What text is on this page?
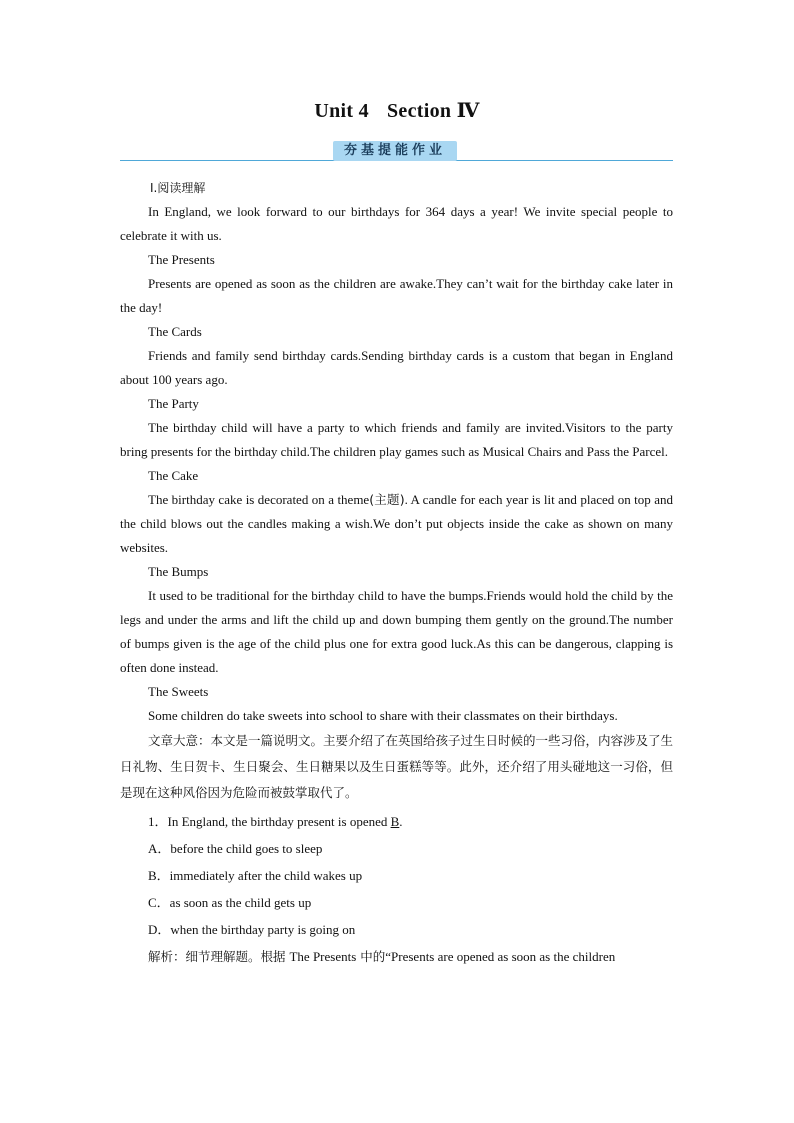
Unit 4 Section Ⅳ
夯基提能作业

Ⅰ.阅读理解

In England, we look forward to our birthdays for 364 days a year! We invite special people to celebrate it with us.

The Presents

Presents are opened as soon as the children are awake.They can’t wait for the birthday cake later in the day!

The Cards

Friends and family send birthday cards.Sending birthday cards is a custom that began in England about 100 years ago.

The Party

The birthday child will have a party to which friends and family are invited.Visitors to the party bring presents for the birthday child.The children play games such as Musical Chairs and Pass the Parcel.

The Cake

The birthday cake is decorated on a theme(主题). A candle for each year is lit and placed on top and the child blows out the candles making a wish.We don’t put objects inside the cake as shown on many websites.

The Bumps

It used to be traditional for the birthday child to have the bumps.Friends would hold the child by the legs and under the arms and lift the child up and down bumping them gently on the ground.The number of bumps given is the age of the child plus one for extra good luck.As this can be dangerous, clapping is often done instead.

The Sweets

Some children do take sweets into school to share with their classmates on their birthdays.

文章大意：本文是一篇说明文。主要介绍了在英国给孩子过生日时候的一些习俗，内容涉及了生日礼物、生日贺卡、生日聚会、生日糖果以及生日蛋糕等等。此外，还介绍了用头碰地这一习俗，但是现在这种风俗因为危险而被鼓掌取代了。

1．In England, the birthday present is opened B.

A．before the child goes to sleep

B．immediately after the child wakes up

C．as soon as the child gets up

D．when the birthday party is going on

解析：细节理解题。根据 The Presents 中的“Presents are opened as soon as the children
